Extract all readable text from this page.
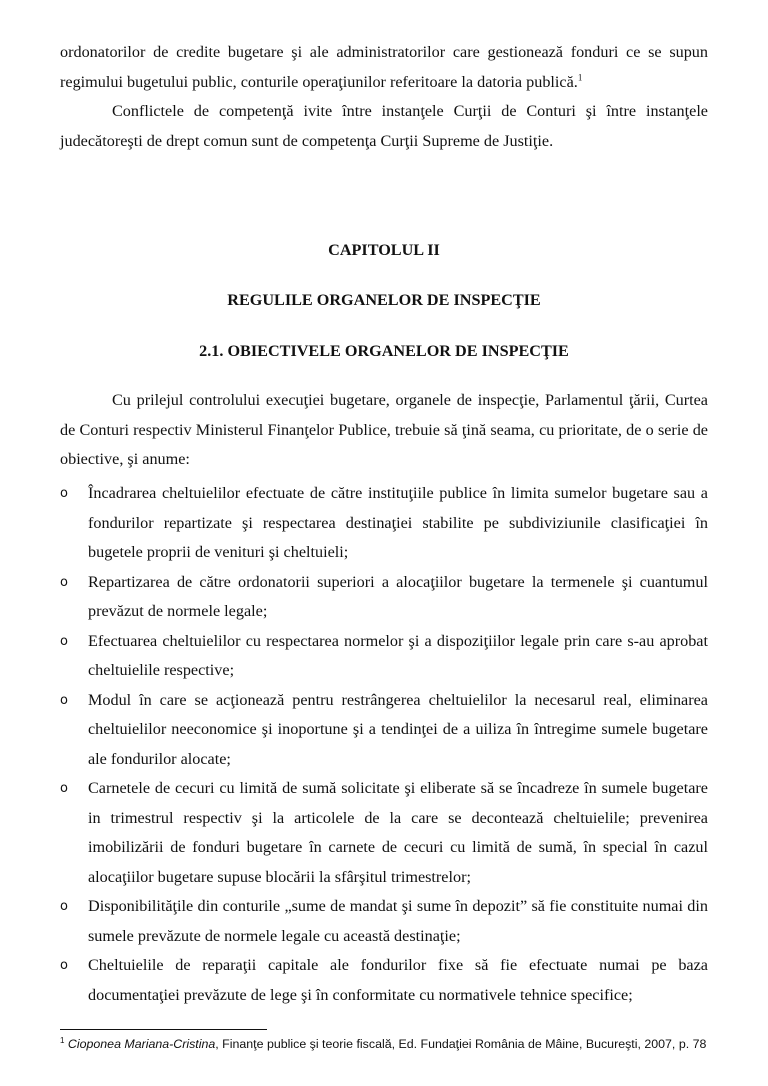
ordonatorilor de credite bugetare şi ale administratorilor care gestionează fonduri ce se supun regimului bugetului public, conturile operaţiunilor referitoare la datoria publică.$^1$

Conflictele de competenţă ivite între instanţele Curţii de Conturi şi între instanţele judecătoreşti de drept comun sunt de competenţa Curţii Supreme de Justiţie.

CAPITOLUL II

REGULILE ORGANELOR DE INSPECŢIE

2.1. OBIECTIVELE ORGANELOR DE INSPECŢIE

Cu prilejul controlului execuţiei bugetare, organele de inspecţie, Parlamentul ţării, Curtea de Conturi respectiv Ministerul Finanţelor Publice, trebuie să ţină seama, cu prioritate, de o serie de obiective, şi anume:

o Încadrarea cheltuielilor efectuate de către instituţiile publice în limita sumelor bugetare sau a fondurilor repartizate şi respectarea destinaţiei stabilite pe subdiviziunile clasificaţiei în bugetele proprii de venituri şi cheltuieli;
o Repartizarea de către ordonatorii superiori a alocaţiilor bugetare la termenele şi cuantumul prevăzut de normele legale;
o Efectuarea cheltuielilor cu respectarea normelor şi a dispoziţiilor legale prin care s-au aprobat cheltuielile respective;
o Modul în care se acţionează pentru restrângerea cheltuielilor la necesarul real, eliminarea cheltuielilor neeconomice şi inoportune şi a tendinţei de a uiliza în întregime sumele bugetare ale fondurilor alocate;
o Carnetele de cecuri cu limită de sumă solicitate şi eliberate să se încadreze în sumele bugetare in trimestrul respectiv şi la articolele de la care se decontează cheltuielile; prevenirea imobilizării de fonduri bugetare în carnete de cecuri cu limită de sumă, în special în cazul alocaţiilor bugetare supuse blocării la sfârşitul trimestrelor;
o Disponibilităţile din conturile „sume de mandat şi sume în depozit” să fie constituite numai din sumele prevăzute de normele legale cu această destinaţie;
o Cheltuielile de reparaţii capitale ale fondurilor fixe să fie efectuate numai pe baza documentaţiei prevăzute de lege şi în conformitate cu normativele tehnice specifice;

$^1$ Cioponea Mariana-Cristina, Finanţe publice şi teorie fiscală, Ed. Fundaţiei România de Mâine, Bucureşti, 2007, p. 78
